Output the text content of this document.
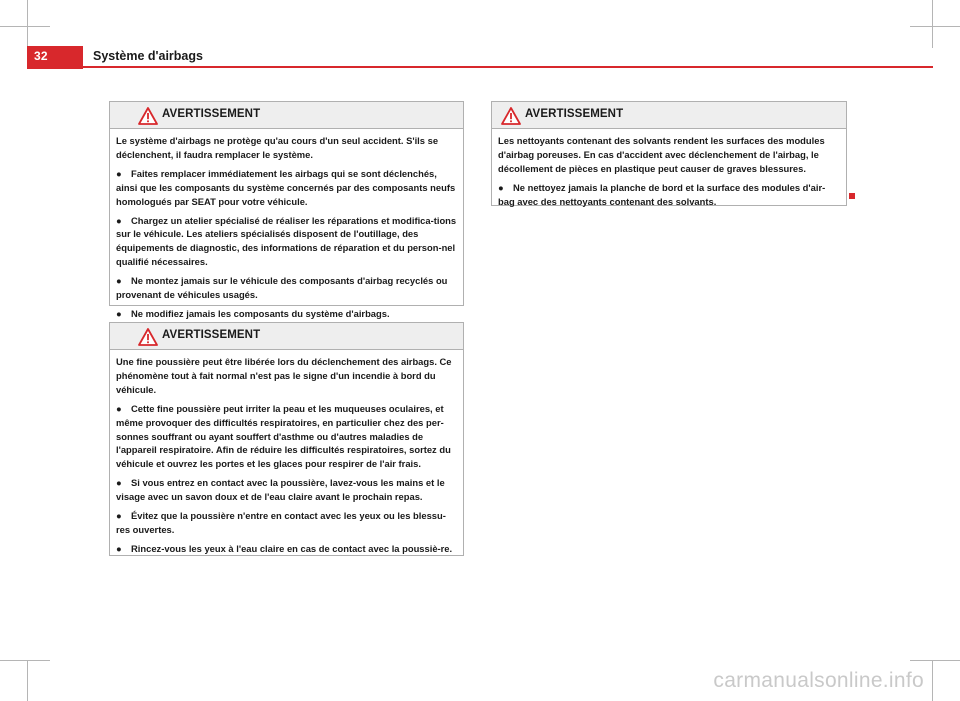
32	Système d'airbags
AVERTISSEMENT

Le système d'airbags ne protège qu'au cours d'un seul accident. S'ils se déclenchent, il faudra remplacer le système.

● Faites remplacer immédiatement les airbags qui se sont déclenchés, ainsi que les composants du système concernés par des composants neufs homologués par SEAT pour votre véhicule.

● Chargez un atelier spécialisé de réaliser les réparations et modifica-tions sur le véhicule. Les ateliers spécialisés disposent de l'outillage, des équipements de diagnostic, des informations de réparation et du person-nel qualifié nécessaires.

● Ne montez jamais sur le véhicule des composants d'airbag recyclés ou provenant de véhicules usagés.

● Ne modifiez jamais les composants du système d'airbags.

AVERTISSEMENT

Une fine poussière peut être libérée lors du déclenchement des airbags. Ce phénomène tout à fait normal n'est pas le signe d'un incendie à bord du véhicule.

● Cette fine poussière peut irriter la peau et les muqueuses oculaires, et même provoquer des difficultés respiratoires, en particulier chez des per-sonnes souffrant ou ayant souffert d'asthme ou d'autres maladies de l'appareil respiratoire. Afin de réduire les difficultés respiratoires, sortez du véhicule et ouvrez les portes et les glaces pour respirer de l'air frais.

● Si vous entrez en contact avec la poussière, lavez-vous les mains et le visage avec un savon doux et de l'eau claire avant le prochain repas.

● Évitez que la poussière n'entre en contact avec les yeux ou les blessu-res ouvertes.

● Rincez-vous les yeux à l'eau claire en cas de contact avec la poussiè-re.

AVERTISSEMENT

Les nettoyants contenant des solvants rendent les surfaces des modules d'airbag poreuses. En cas d'accident avec déclenchement de l'airbag, le décollement de pièces en plastique peut causer de graves blessures.

● Ne nettoyez jamais la planche de bord et la surface des modules d'air-bag avec des nettoyants contenant des solvants.

carmanualsonline.info
